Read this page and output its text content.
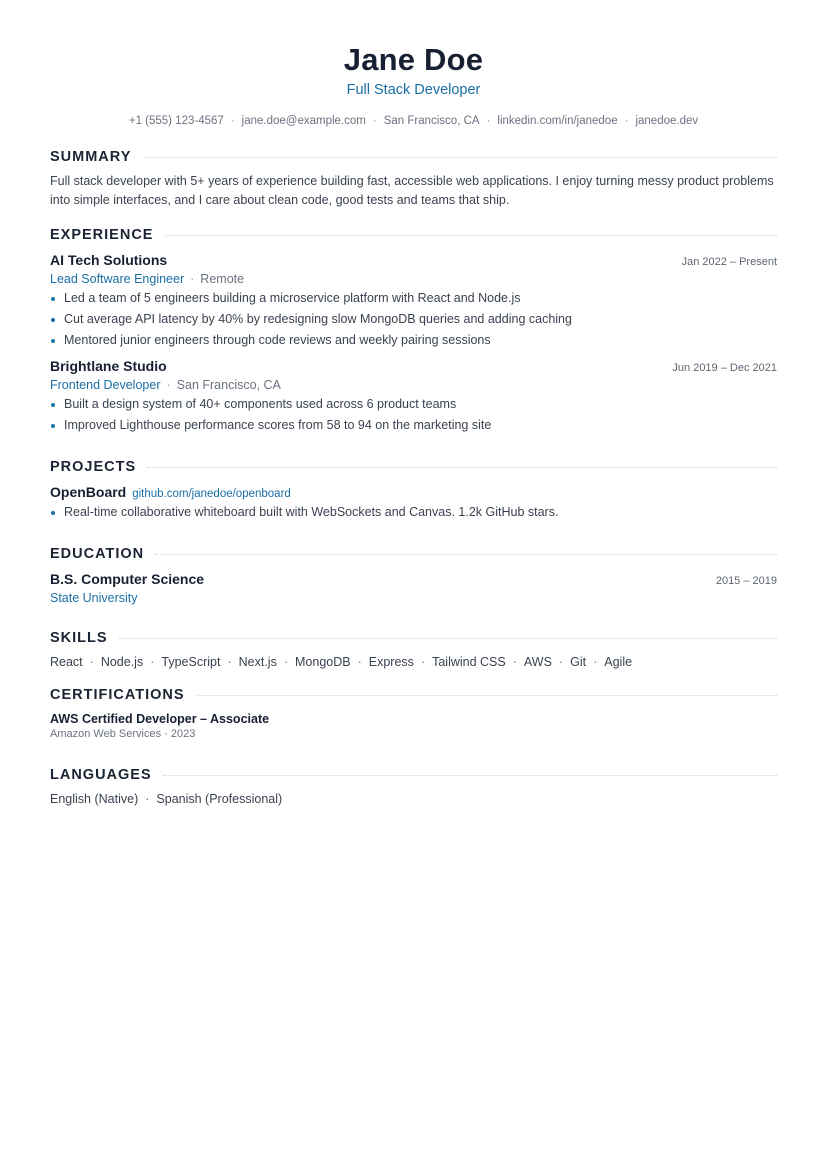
Jane Doe
Full Stack Developer
+1 (555) 123-4567 · jane.doe@example.com · San Francisco, CA · linkedin.com/in/janedoe · janedoe.dev
SUMMARY
Full stack developer with 5+ years of experience building fast, accessible web applications. I enjoy turning messy product problems into simple interfaces, and I care about clean code, good tests and teams that ship.
EXPERIENCE
AI Tech Solutions	Jan 2022 – Present
Lead Software Engineer · Remote
Led a team of 5 engineers building a microservice platform with React and Node.js
Cut average API latency by 40% by redesigning slow MongoDB queries and adding caching
Mentored junior engineers through code reviews and weekly pairing sessions
Brightlane Studio	Jun 2019 – Dec 2021
Frontend Developer · San Francisco, CA
Built a design system of 40+ components used across 6 product teams
Improved Lighthouse performance scores from 58 to 94 on the marketing site
PROJECTS
OpenBoard github.com/janedoe/openboard
Real-time collaborative whiteboard built with WebSockets and Canvas. 1.2k GitHub stars.
EDUCATION
B.S. Computer Science	2015 – 2019
State University
SKILLS
React · Node.js · TypeScript · Next.js · MongoDB · Express · Tailwind CSS · AWS · Git · Agile
CERTIFICATIONS
AWS Certified Developer – Associate
Amazon Web Services · 2023
LANGUAGES
English (Native) · Spanish (Professional)
